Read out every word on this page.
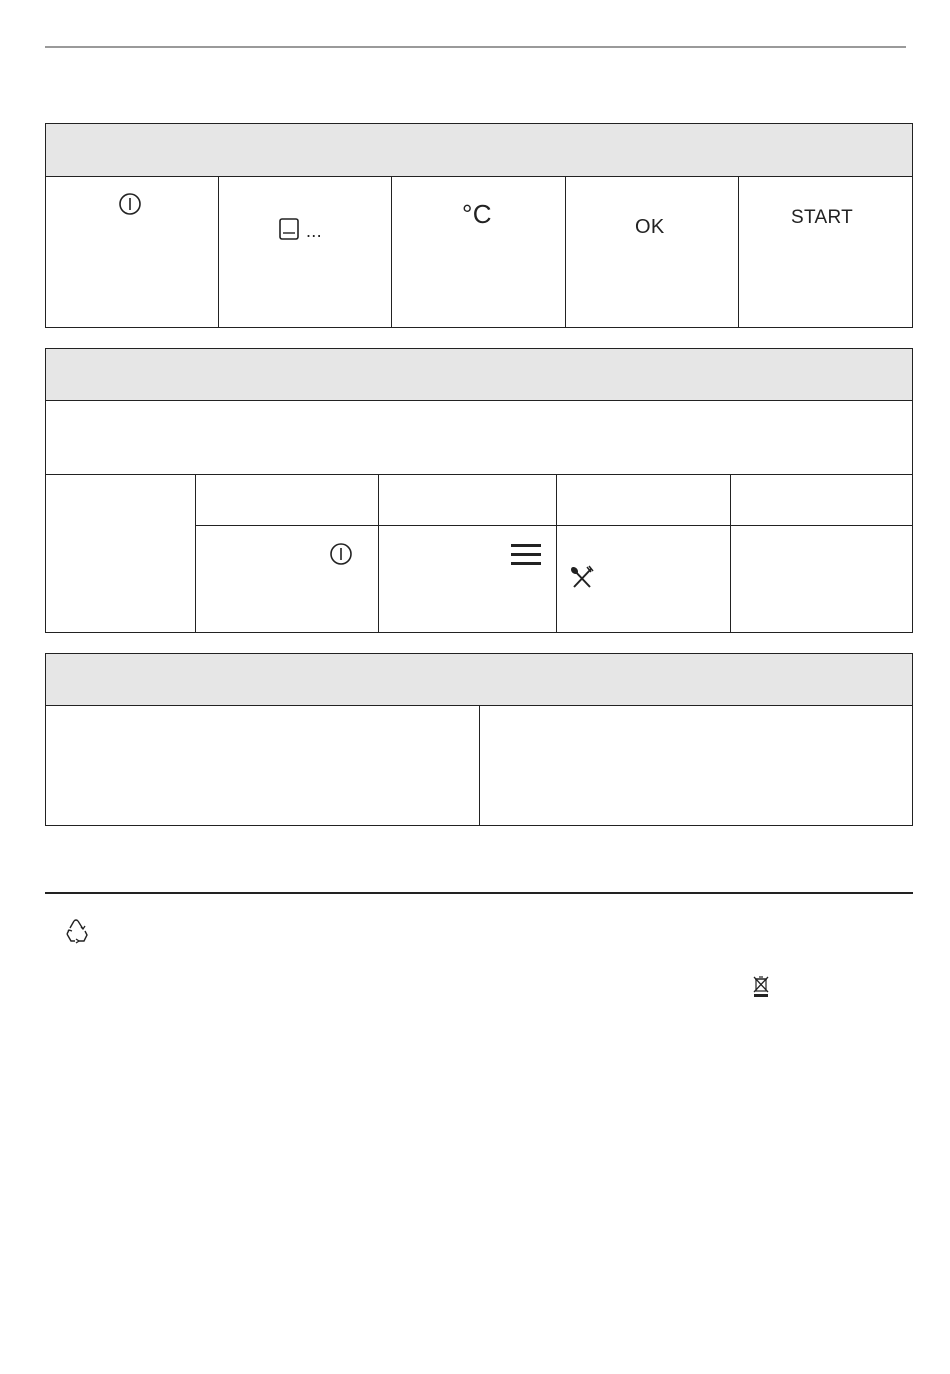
...
°C	OK	START
